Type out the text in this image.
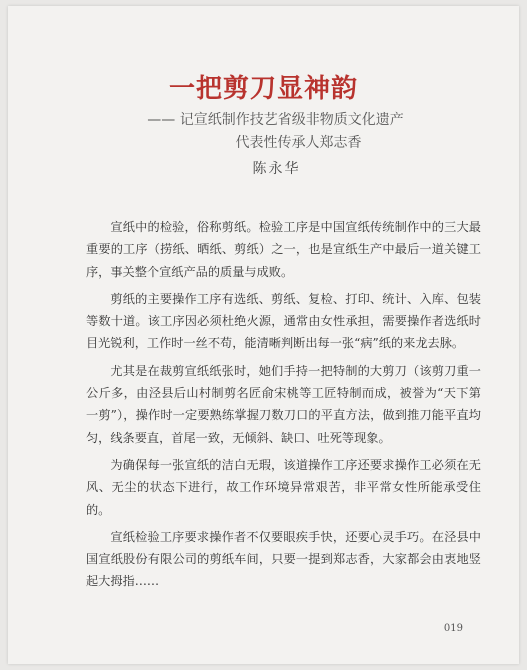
一把剪刀显神韵
—— 记宣纸制作技艺省级非物质文化遗产
代表性传承人郑志香
陈永华

宣纸中的检验，俗称剪纸。检验工序是中国宣纸传统制作中的三大最重要的工序（捞纸、晒纸、剪纸）之一，也是宣纸生产中最后一道关键工序，事关整个宣纸产品的质量与成败。

剪纸的主要操作工序有选纸、剪纸、复检、打印、统计、入库、包装等数十道。该工序因必须杜绝火源，通常由女性承担，需要操作者选纸时目光锐利，工作时一丝不苟，能清晰判断出每一张“病”纸的来龙去脉。

尤其是在裁剪宣纸纸张时，她们手持一把特制的大剪刀（该剪刀重一公斤多，由泾县后山村制剪名匠俞宋桃等工匠特制而成，被誉为“天下第一剪”），操作时一定要熟练掌握刀数刀口的平直方法，做到推刀能平直均匀，线条要直，首尾一致，无倾斜、缺口、吐死等现象。

为确保每一张宣纸的洁白无瑕，该道操作工序还要求操作工必须在无风、无尘的状态下进行，故工作环境异常艰苦，非平常女性所能承受住的。

宣纸检验工序要求操作者不仅要眼疾手快，还要心灵手巧。在泾县中国宣纸股份有限公司的剪纸车间，只要一提到郑志香，大家都会由衷地竖起大拇指……

019
